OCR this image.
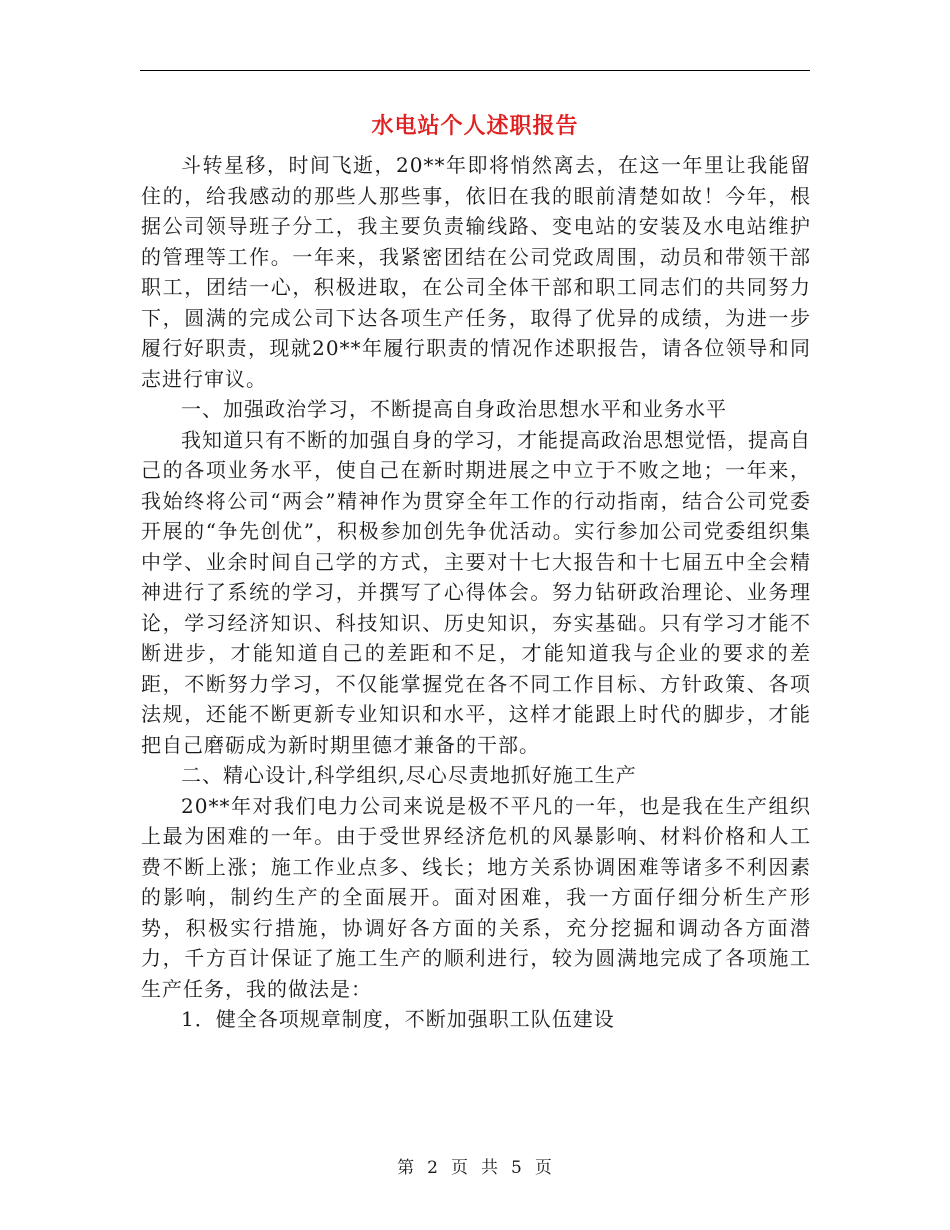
水电站个人述职报告

斗转星移，时间飞逝，20**年即将悄然离去，在这一年里让我能留住的，给我感动的那些人那些事，依旧在我的眼前清楚如故！今年，根据公司领导班子分工，我主要负责输线路、变电站的安装及水电站维护的管理等工作。一年来，我紧密团结在公司党政周围，动员和带领干部职工，团结一心，积极进取，在公司全体干部和职工同志们的共同努力下，圆满的完成公司下达各项生产任务，取得了优异的成绩，为进一步履行好职责，现就20**年履行职责的情况作述职报告，请各位领导和同志进行审议。

一、加强政治学习，不断提高自身政治思想水平和业务水平

我知道只有不断的加强自身的学习，才能提高政治思想觉悟，提高自己的各项业务水平，使自己在新时期进展之中立于不败之地；一年来，我始终将公司“两会”精神作为贯穿全年工作的行动指南，结合公司党委开展的“争先创优”，积极参加创先争优活动。实行参加公司党委组织集中学、业余时间自己学的方式，主要对十七大报告和十七届五中全会精神进行了系统的学习，并撰写了心得体会。努力钻研政治理论、业务理论，学习经济知识、科技知识、历史知识，夯实基础。只有学习才能不断进步，才能知道自己的差距和不足，才能知道我与企业的要求的差距，不断努力学习，不仅能掌握党在各不同工作目标、方针政策、各项法规，还能不断更新专业知识和水平，这样才能跟上时代的脚步，才能把自己磨砺成为新时期里德才兼备的干部。

二、精心设计,科学组织,尽心尽责地抓好施工生产

20**年对我们电力公司来说是极不平凡的一年，也是我在生产组织上最为困难的一年。由于受世界经济危机的风暴影响、材料价格和人工费不断上涨；施工作业点多、线长；地方关系协调困难等诸多不利因素的影响，制约生产的全面展开。面对困难，我一方面仔细分析生产形势，积极实行措施，协调好各方面的关系，充分挖掘和调动各方面潜力，千方百计保证了施工生产的顺利进行，较为圆满地完成了各项施工生产任务，我的做法是：

1．健全各项规章制度，不断加强职工队伍建设

第 2 页 共 5 页
